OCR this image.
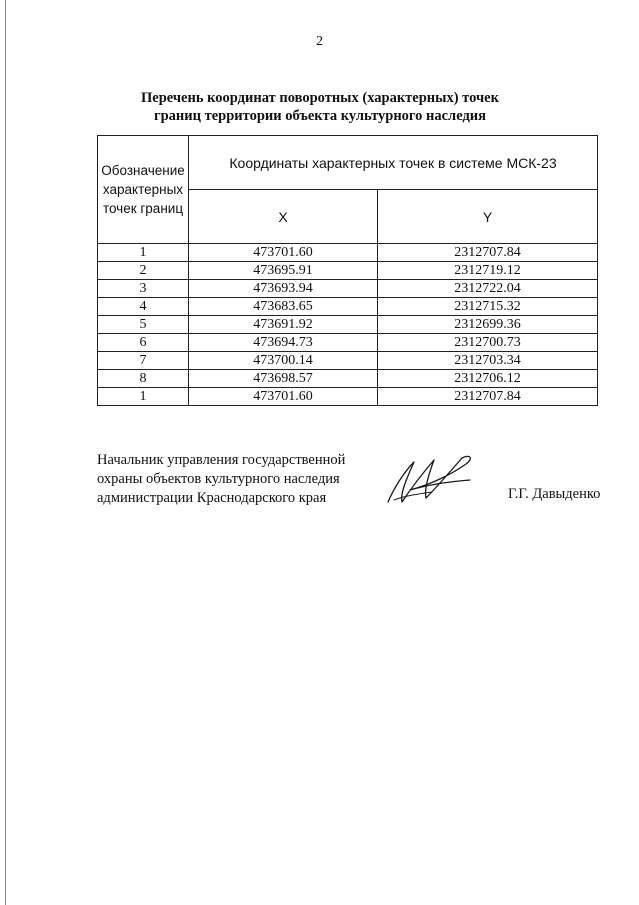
2
Перечень координат поворотных (характерных) точек
границ территории объекта культурного наследия
Обозначение
характерных
точек границ	Координаты характерных точек в системе МСК-23	
	X	Y
1	473701.60	2312707.84
2	473695.91	2312719.12
3	473693.94	2312722.04
4	473683.65	2312715.32
5	473691.92	2312699.36
6	473694.73	2312700.73
7	473700.14	2312703.34
8	473698.57	2312706.12
1	473701.60	2312707.84
Начальник управления государственной
охраны объектов культурного наследия
администрации Краснодарского края	Г.Г. Давыденко
